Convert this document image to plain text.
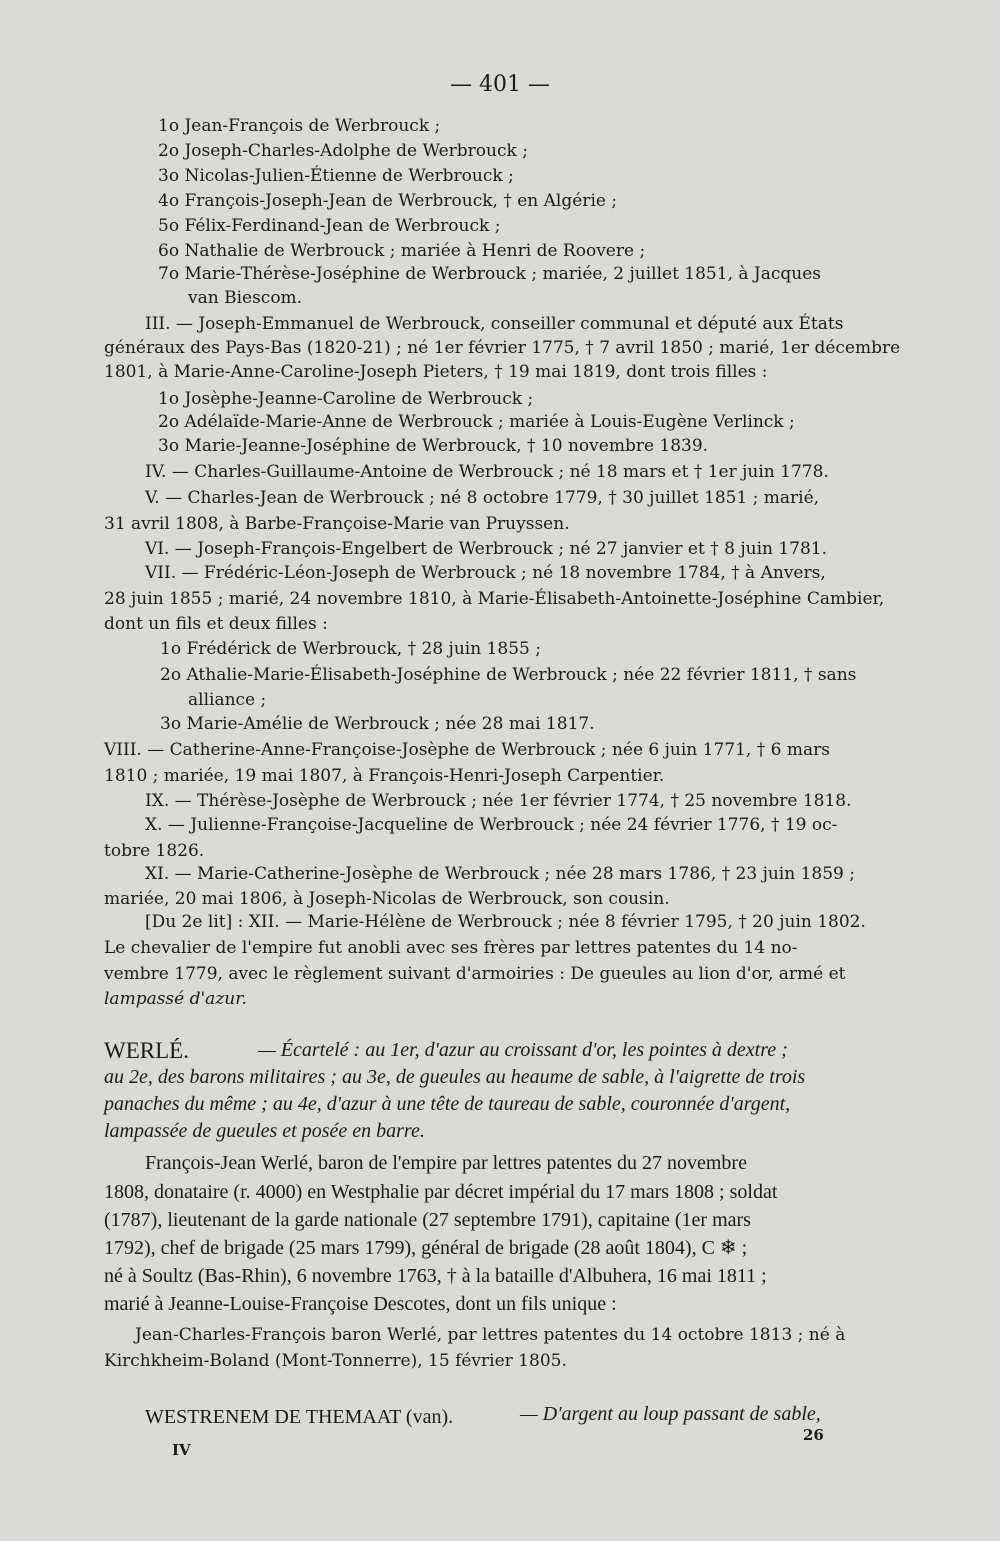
— 401 —
1o Jean-François de Werbrouck ;
2o Joseph-Charles-Adolphe de Werbrouck ;
3o Nicolas-Julien-Étienne de Werbrouck ;
4o François-Joseph-Jean de Werbrouck, † en Algérie ;
5o Félix-Ferdinand-Jean de Werbrouck ;
6o Nathalie de Werbrouck ; mariée à Henri de Roovere ;
7o Marie-Thérèse-Joséphine de Werbrouck ; mariée, 2 juillet 1851, à Jacques
van Biescom.
III. — Joseph-Emmanuel de Werbrouck, conseiller communal et député aux États
généraux des Pays-Bas (1820-21) ; né 1er février 1775, † 7 avril 1850 ; marié, 1er décembre
1801, à Marie-Anne-Caroline-Joseph Pieters, † 19 mai 1819, dont trois filles :
1o Josèphe-Jeanne-Caroline de Werbrouck ;
2o Adélaïde-Marie-Anne de Werbrouck ; mariée à Louis-Eugène Verlinck ;
3o Marie-Jeanne-Joséphine de Werbrouck, † 10 novembre 1839.
IV. — Charles-Guillaume-Antoine de Werbrouck ; né 18 mars et † 1er juin 1778.
V. — Charles-Jean de Werbrouck ; né 8 octobre 1779, † 30 juillet 1851 ; marié,
31 avril 1808, à Barbe-Françoise-Marie van Pruyssen.
VI. — Joseph-François-Engelbert de Werbrouck ; né 27 janvier et † 8 juin 1781.
VII. — Frédéric-Léon-Joseph de Werbrouck ; né 18 novembre 1784, † à Anvers,
28 juin 1855 ; marié, 24 novembre 1810, à Marie-Élisabeth-Antoinette-Joséphine Cambier,
dont un fils et deux filles :
1o Frédérick de Werbrouck, † 28 juin 1855 ;
2o Athalie-Marie-Élisabeth-Joséphine de Werbrouck ; née 22 février 1811, † sans
alliance ;
3o Marie-Amélie de Werbrouck ; née 28 mai 1817.
VIII. — Catherine-Anne-Françoise-Josèphe de Werbrouck ; née 6 juin 1771, † 6 mars
1810 ; mariée, 19 mai 1807, à François-Henri-Joseph Carpentier.
IX. — Thérèse-Josèphe de Werbrouck ; née 1er février 1774, † 25 novembre 1818.
X. — Julienne-Françoise-Jacqueline de Werbrouck ; née 24 février 1776, † 19 oc-
tobre 1826.
XI. — Marie-Catherine-Josèphe de Werbrouck ; née 28 mars 1786, † 23 juin 1859 ;
mariée, 20 mai 1806, à Joseph-Nicolas de Werbrouck, son cousin.
[Du 2e lit] : XII. — Marie-Hélène de Werbrouck ; née 8 février 1795, † 20 juin 1802.
Le chevalier de l'empire fut anobli avec ses frères par lettres patentes du 14 no-
vembre 1779, avec le règlement suivant d'armoiries : De gueules au lion d'or, armé et
lampassé d'azur.
WERLÉ.	— Écartelé : au 1er, d'azur au croissant d'or, les pointes à dextre ;
au 2e, des barons militaires ; au 3e, de gueules au heaume de sable, à l'aigrette de trois
panaches du même ; au 4e, d'azur à une tête de taureau de sable, couronnée d'argent,
lampassée de gueules et posée en barre.
François-Jean Werlé, baron de l'empire par lettres patentes du 27 novembre
1808, donataire (r. 4000) en Westphalie par décret impérial du 17 mars 1808 ; soldat
(1787), lieutenant de la garde nationale (27 septembre 1791), capitaine (1er mars
1792), chef de brigade (25 mars 1799), général de brigade (28 août 1804), C ❄ ;
né à Soultz (Bas-Rhin), 6 novembre 1763, † à la bataille d'Albuhera, 16 mai 1811 ;
marié à Jeanne-Louise-Françoise Descotes, dont un fils unique :
Jean-Charles-François baron Werlé, par lettres patentes du 14 octobre 1813 ; né à
Kirchkheim-Boland (Mont-Tonnerre), 15 février 1805.
WESTRENEM DE THEMAAT (van).	— D'argent au loup passant de sable,
IV
26
